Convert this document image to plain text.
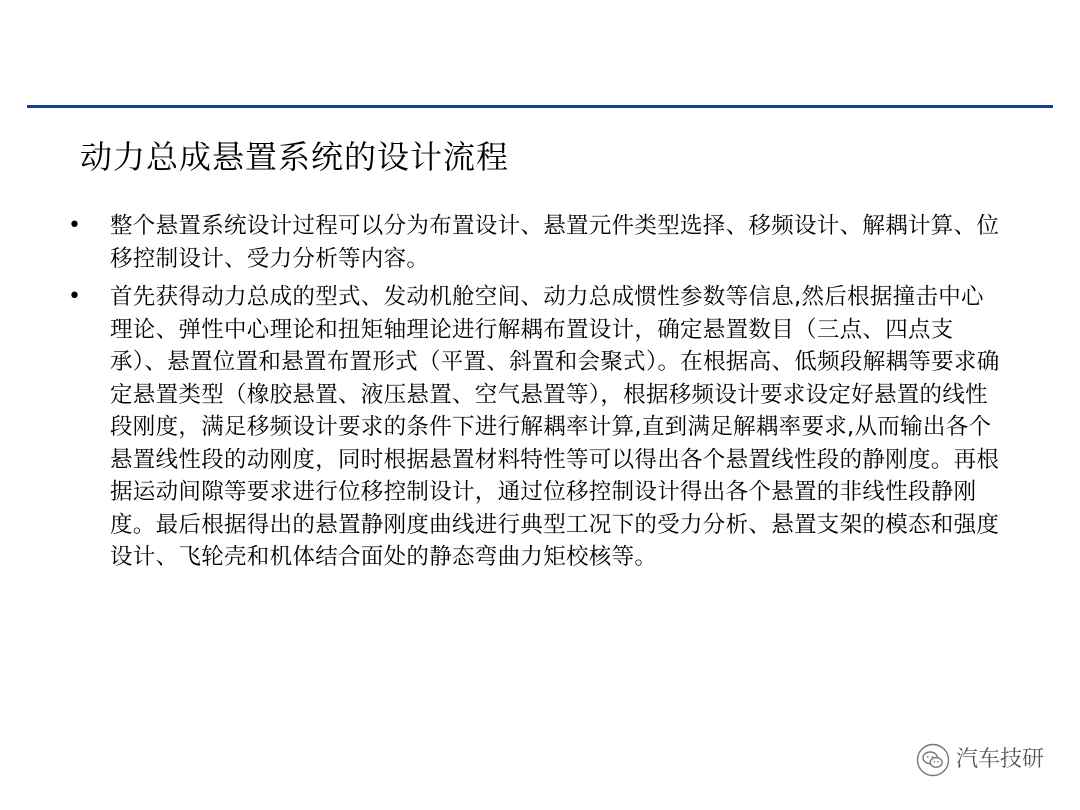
动力总成悬置系统的设计流程
•	整个悬置系统设计过程可以分为布置设计、悬置元件类型选择、移频设计、解耦计算、位移控制设计、受力分析等内容。
•	首先获得动力总成的型式、发动机舱空间、动力总成惯性参数等信息,然后根据撞击中心理论、弹性中心理论和扭矩轴理论进行解耦布置设计，确定悬置数目（三点、四点支承）、悬置位置和悬置布置形式（平置、斜置和会聚式）。在根据高、低频段解耦等要求确定悬置类型（橡胶悬置、液压悬置、空气悬置等），根据移频设计要求设定好悬置的线性段刚度，满足移频设计要求的条件下进行解耦率计算,直到满足解耦率要求,从而输出各个悬置线性段的动刚度，同时根据悬置材料特性等可以得出各个悬置线性段的静刚度。再根据运动间隙等要求进行位移控制设计，通过位移控制设计得出各个悬置的非线性段静刚度。最后根据得出的悬置静刚度曲线进行典型工况下的受力分析、悬置支架的模态和强度设计、飞轮壳和机体结合面处的静态弯曲力矩校核等。
汽车技研
